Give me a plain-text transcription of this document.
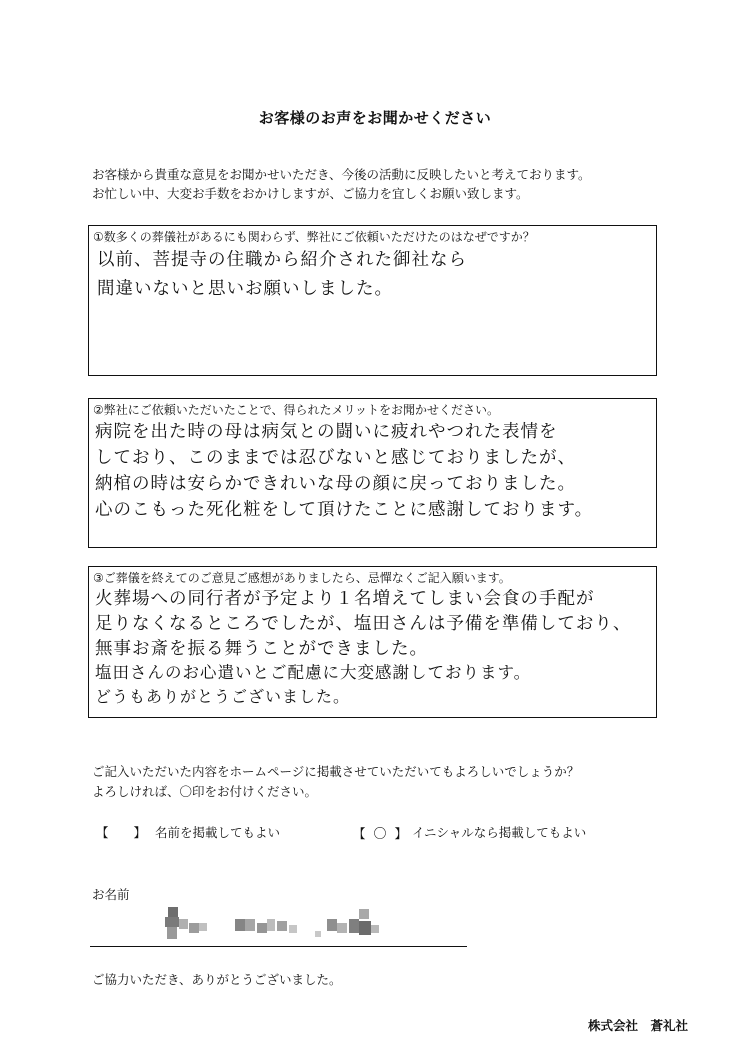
お客様のお声をお聞かせください
お客様から貴重な意見をお聞かせいただき、今後の活動に反映したいと考えております。
お忙しい中、大変お手数をおかけしますが、ご協力を宜しくお願い致します。
①数多くの葬儀社があるにも関わらず、弊社にご依頼いただけたのはなぜですか？
以前、菩提寺の住職から紹介された御社なら
間違いないと思いお願いしました。
②弊社にご依頼いただいたことで、得られたメリットをお聞かせください。
病院を出た時の母は病気との闘いに疲れやつれた表情を
しており、このままでは忍びないと感じておりましたが、
納棺の時は安らかできれいな母の顔に戻っておりました。
心のこもった死化粧をして頂けたことに感謝しております。
③ご葬儀を終えてのご意見ご感想がありましたら、忌憚なくご記入願います。
火葬場への同行者が予定より１名増えてしまい会食の手配が
足りなくなるところでしたが、塩田さんは予備を準備しており、
無事お斎を振る舞うことができました。
塩田さんのお心遣いとご配慮に大変感謝しております。
どうもありがとうございました。
ご記入いただいた内容をホームページに掲載させていただいてもよろしいでしょうか？
よろしければ、〇印をお付けください。
【　　】 名前を掲載してもよい	【 〇 】 イニシャルなら掲載してもよい
お名前
ご協力いただき、ありがとうございました。
株式会社　蒼礼社
